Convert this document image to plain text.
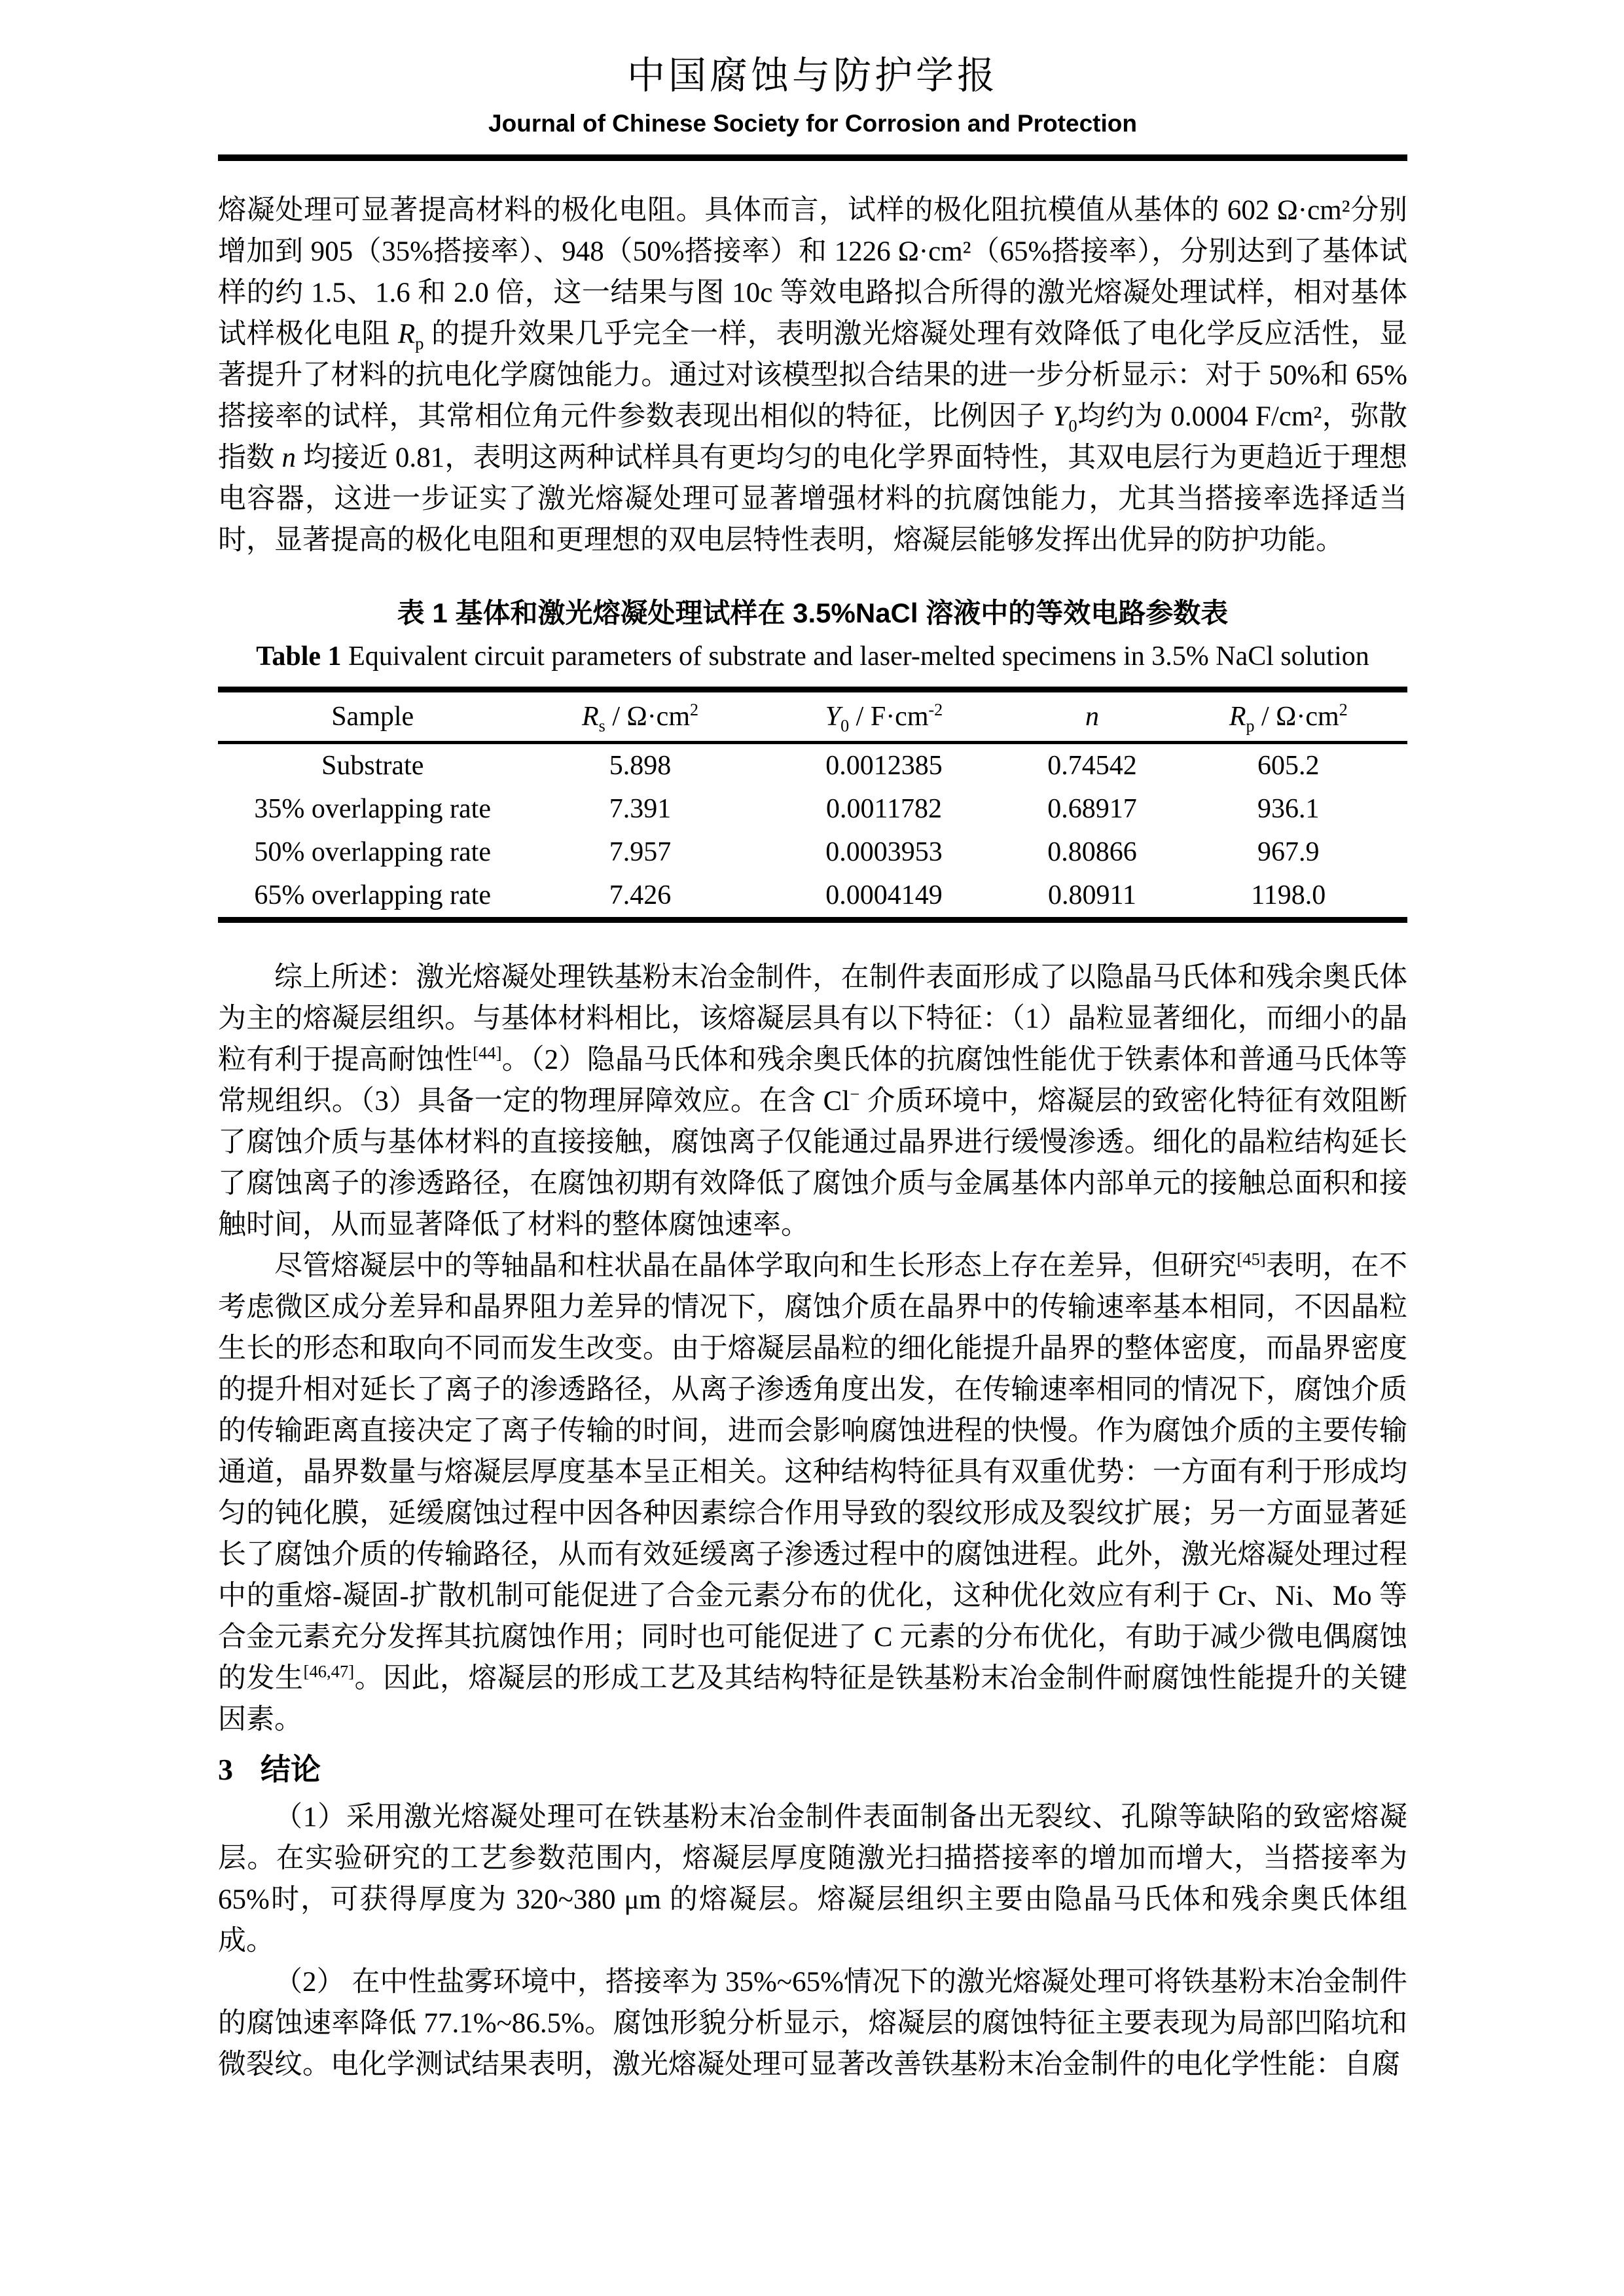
中国腐蚀与防护学报
Journal of Chinese Society for Corrosion and Protection

熔凝处理可显著提高材料的极化电阻。具体而言，试样的极化阻抗模值从基体的 602 Ω·cm²分别增加到 905（35%搭接率）、948（50%搭接率）和 1226 Ω·cm²（65%搭接率），分别达到了基体试样的约 1.5、1.6 和 2.0 倍，这一结果与图 10c 等效电路拟合所得的激光熔凝处理试样，相对基体试样极化电阻 $R_p$ 的提升效果几乎完全一样，表明激光熔凝处理有效降低了电化学反应活性，显著提升了材料的抗电化学腐蚀能力。通过对该模型拟合结果的进一步分析显示：对于 50%和 65%搭接率的试样，其常相位角元件参数表现出相似的特征，比例因子 $Y_0$均约为 0.0004 F/cm²，弥散指数 n 均接近 0.81，表明这两种试样具有更均匀的电化学界面特性，其双电层行为更趋近于理想电容器，这进一步证实了激光熔凝处理可显著增强材料的抗腐蚀能力，尤其当搭接率选择适当时，显著提高的极化电阻和更理想的双电层特性表明，熔凝层能够发挥出优异的防护功能。

表 1 基体和激光熔凝处理试样在 3.5%NaCl 溶液中的等效电路参数表

Table 1 Equivalent circuit parameters of substrate and laser-melted specimens in 3.5% NaCl solution

Sample	$R_s / \Omega\cdot cm^2$	$Y_0 / F\cdot cm^{-2}$	n	$R_p / \Omega\cdot cm^2$
Substrate	5.898	0.0012385	0.74542	605.2
35% overlapping rate	7.391	0.0011782	0.68917	936.1
50% overlapping rate	7.957	0.0003953	0.80866	967.9
65% overlapping rate	7.426	0.0004149	0.80911	1198.0

综上所述：激光熔凝处理铁基粉末冶金制件，在制件表面形成了以隐晶马氏体和残余奥氏体为主的熔凝层组织。与基体材料相比，该熔凝层具有以下特征：（1）晶粒显著细化，而细小的晶粒有利于提高耐蚀性[44]。（2）隐晶马氏体和残余奥氏体的抗腐蚀性能优于铁素体和普通马氏体等常规组织。（3）具备一定的物理屏障效应。在含 Cl− 介质环境中，熔凝层的致密化特征有效阻断了腐蚀介质与基体材料的直接接触，腐蚀离子仅能通过晶界进行缓慢渗透。细化的晶粒结构延长了腐蚀离子的渗透路径，在腐蚀初期有效降低了腐蚀介质与金属基体内部单元的接触总面积和接触时间，从而显著降低了材料的整体腐蚀速率。

尽管熔凝层中的等轴晶和柱状晶在晶体学取向和生长形态上存在差异，但研究[45]表明，在不考虑微区成分差异和晶界阻力差异的情况下，腐蚀介质在晶界中的传输速率基本相同，不因晶粒生长的形态和取向不同而发生改变。由于熔凝层晶粒的细化能提升晶界的整体密度，而晶界密度的提升相对延长了离子的渗透路径，从离子渗透角度出发，在传输速率相同的情况下，腐蚀介质的传输距离直接决定了离子传输的时间，进而会影响腐蚀进程的快慢。作为腐蚀介质的主要传输通道，晶界数量与熔凝层厚度基本呈正相关。这种结构特征具有双重优势：一方面有利于形成均匀的钝化膜，延缓腐蚀过程中因各种因素综合作用导致的裂纹形成及裂纹扩展；另一方面显著延长了腐蚀介质的传输路径，从而有效延缓离子渗透过程中的腐蚀进程。此外，激光熔凝处理过程中的重熔-凝固-扩散机制可能促进了合金元素分布的优化，这种优化效应有利于 Cr、Ni、Mo 等合金元素充分发挥其抗腐蚀作用；同时也可能促进了 C 元素的分布优化，有助于减少微电偶腐蚀的发生[46,47]。因此，熔凝层的形成工艺及其结构特征是铁基粉末冶金制件耐腐蚀性能提升的关键因素。

3 结论

（1）采用激光熔凝处理可在铁基粉末冶金制件表面制备出无裂纹、孔隙等缺陷的致密熔凝层。在实验研究的工艺参数范围内，熔凝层厚度随激光扫描搭接率的增加而增大，当搭接率为 65%时，可获得厚度为 320~380 μm 的熔凝层。熔凝层组织主要由隐晶马氏体和残余奥氏体组成。

（2） 在中性盐雾环境中，搭接率为 35%~65%情况下的激光熔凝处理可将铁基粉末冶金制件的腐蚀速率降低 77.1%~86.5%。腐蚀形貌分析显示，熔凝层的腐蚀特征主要表现为局部凹陷坑和微裂纹。电化学测试结果表明，激光熔凝处理可显著改善铁基粉末冶金制件的电化学性能：自腐
